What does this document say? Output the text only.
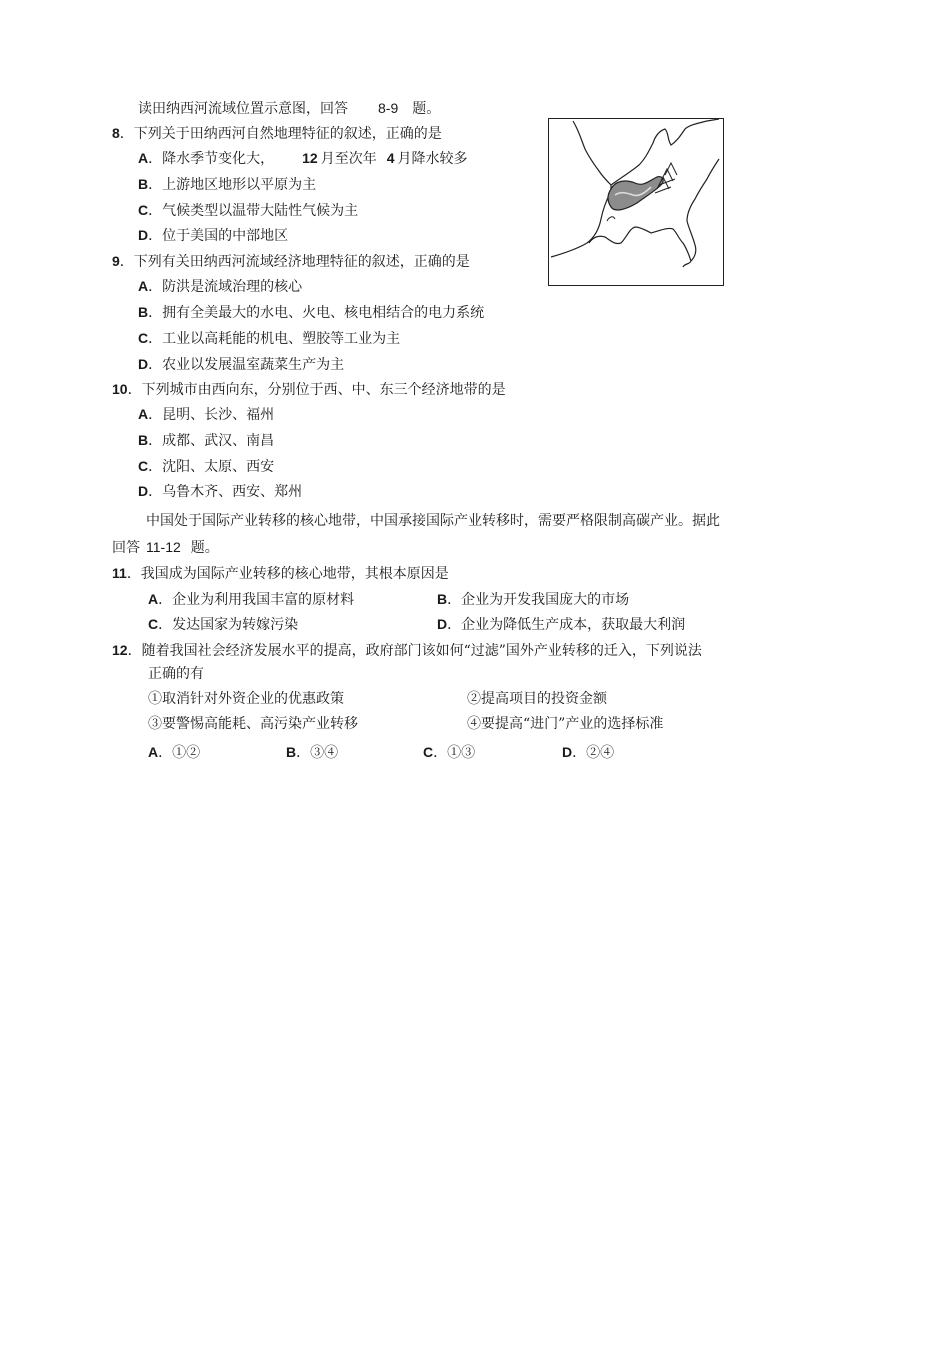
读田纳西河流域位置示意图，回答 8-9 题。
8．下列关于田纳西河自然地理特征的叙述，正确的是
A．降水季节变化大， 12 月至次年 4 月降水较多
B．上游地区地形以平原为主
C．气候类型以温带大陆性气候为主
D．位于美国的中部地区
9．下列有关田纳西河流域经济地理特征的叙述，正确的是
A．防洪是流域治理的核心
B．拥有全美最大的水电、火电、核电相结合的电力系统
C．工业以高耗能的机电、塑胶等工业为主
D．农业以发展温室蔬菜生产为主
10．下列城市由西向东，分别位于西、中、东三个经济地带的是
A．昆明、长沙、福州
B．成都、武汉、南昌
C．沈阳、太原、西安
D．乌鲁木齐、西安、郑州
中国处于国际产业转移的核心地带，中国承接国际产业转移时，需要严格限制高碳产业。据此
回答 11-12 题。
11．我国成为国际产业转移的核心地带，其根本原因是
A．企业为利用我国丰富的原材料	B．企业为开发我国庞大的市场
C．发达国家为转嫁污染	D．企业为降低生产成本，获取最大利润
12．随着我国社会经济发展水平的提高，政府部门该如何“过滤”国外产业转移的迁入，下列说法
正确的有
①取消针对外资企业的优惠政策	②提高项目的投资金额
③要警惕高能耗、高污染产业转移	④要提高“进门”产业的选择标准
A．①②	B．③④	C．①③	D．②④
